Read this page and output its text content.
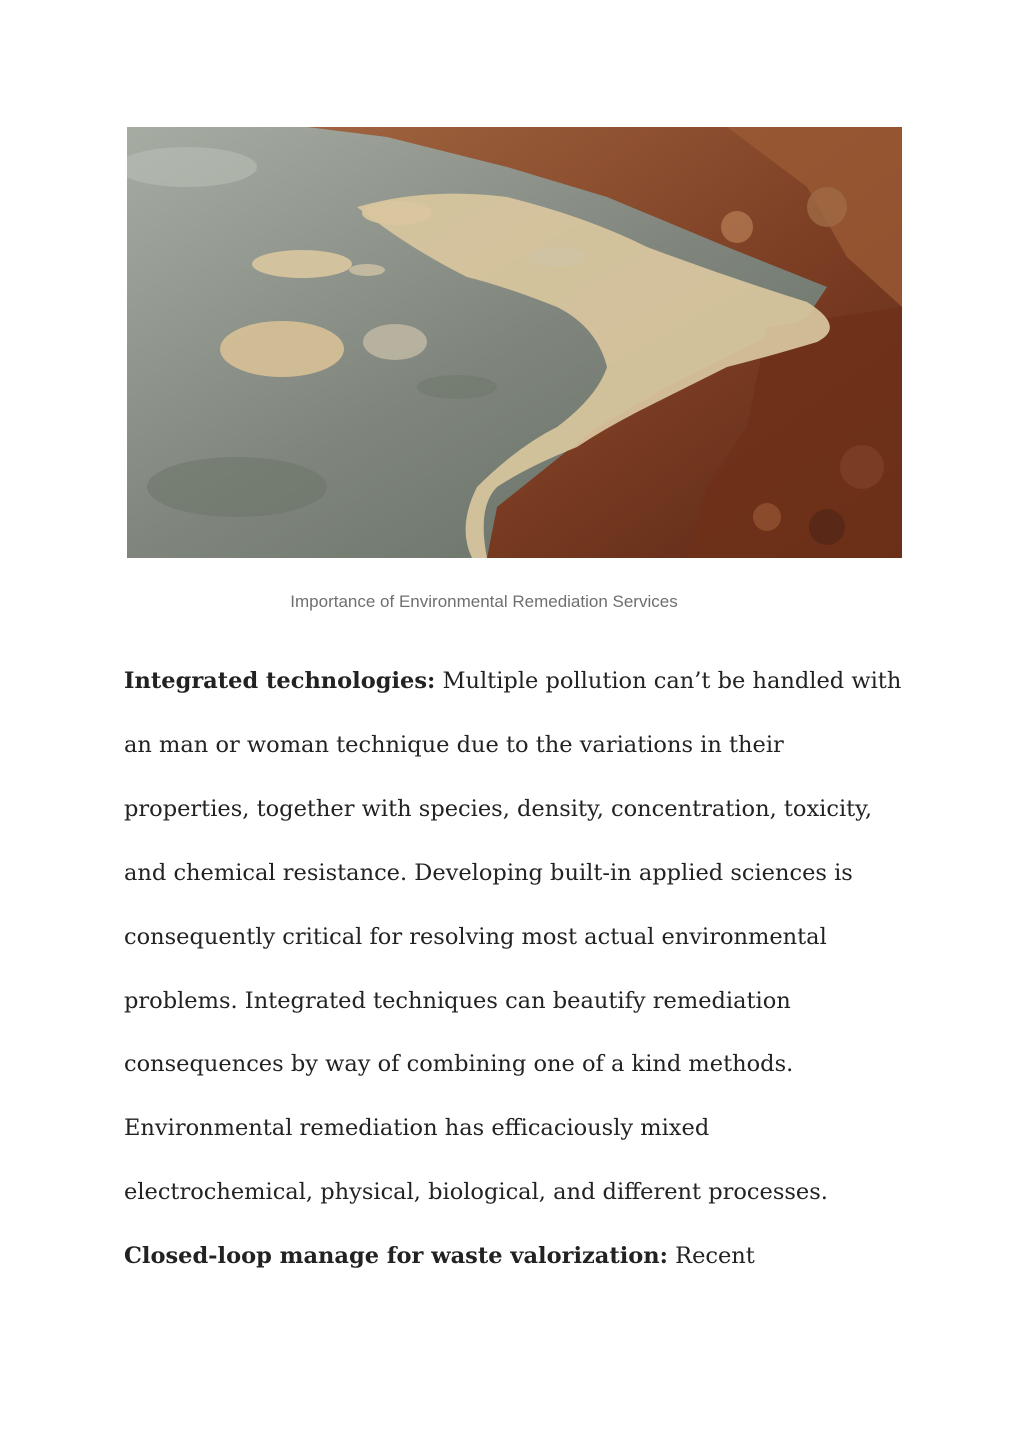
Importance of Environmental Remediation Services

Integrated technologies: Multiple pollution can’t be handled with an man or woman technique due to the variations in their properties, together with species, density, concentration, toxicity, and chemical resistance. Developing built-in applied sciences is consequently critical for resolving most actual environmental problems. Integrated techniques can beautify remediation consequences by way of combining one of a kind methods. Environmental remediation has efficaciously mixed electrochemical, physical, biological, and different processes.

Closed-loop manage for waste valorization: Recent
